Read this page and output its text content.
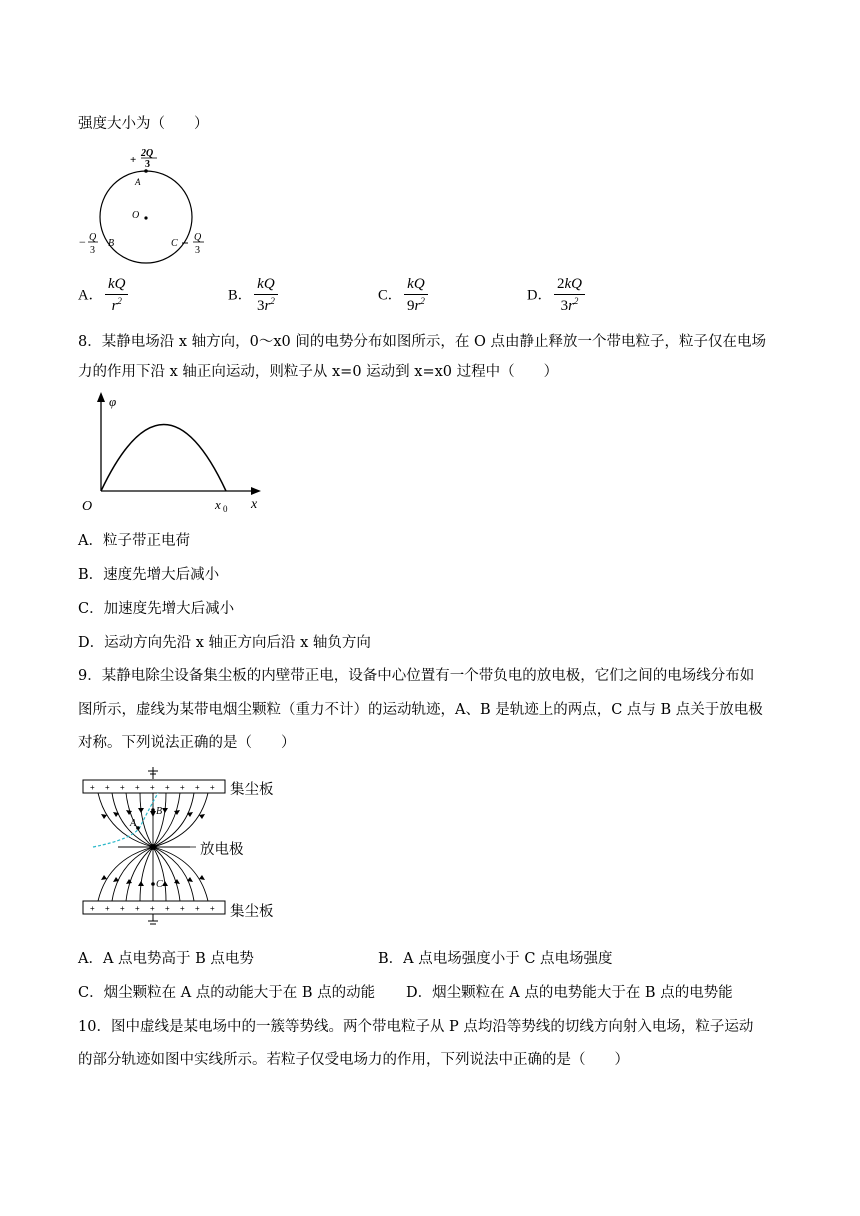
强度大小为（　　）
+
2Q
3
A
O
− Q
3
B	C
Q
3
A． $\frac{kQ}{r^2}$	B． $\frac{kQ}{3r^2}$	C． $\frac{kQ}{9r^2}$	D． $\frac{2kQ}{3r^2}$
8．某静电场沿 x 轴方向，0～x0 间的电势分布如图所示，在 O 点由静止释放一个带电粒子，粒子仅在电场
力的作用下沿 x 轴正向运动，则粒子从 x=0 运动到 x=x0 过程中（　　）
φ
O	x 0 x
A．粒子带正电荷
B．速度先增大后减小
C．加速度先增大后减小
D．运动方向先沿 x 轴正方向后沿 x 轴负方向
9．某静电除尘设备集尘板的内壁带正电，设备中心位置有一个带负电的放电极，它们之间的电场线分布如
图所示，虚线为某带电烟尘颗粒（重力不计）的运动轨迹，A、B 是轨迹上的两点，C 点与 B 点关于放电极
对称。下列说法正确的是（　　）
+ + + + + + + + +
+ + + + + + + + +
A
B
C
集尘板
放电极
集尘板
A．A 点电势高于 B 点电势	B．A 点电场强度小于 C 点电场强度
C．烟尘颗粒在 A 点的动能大于在 B 点的动能 D．烟尘颗粒在 A 点的电势能大于在 B 点的电势能
10．图中虚线是某电场中的一簇等势线。两个带电粒子从 P 点均沿等势线的切线方向射入电场，粒子运动
的部分轨迹如图中实线所示。若粒子仅受电场力的作用，下列说法中正确的是（　　）
